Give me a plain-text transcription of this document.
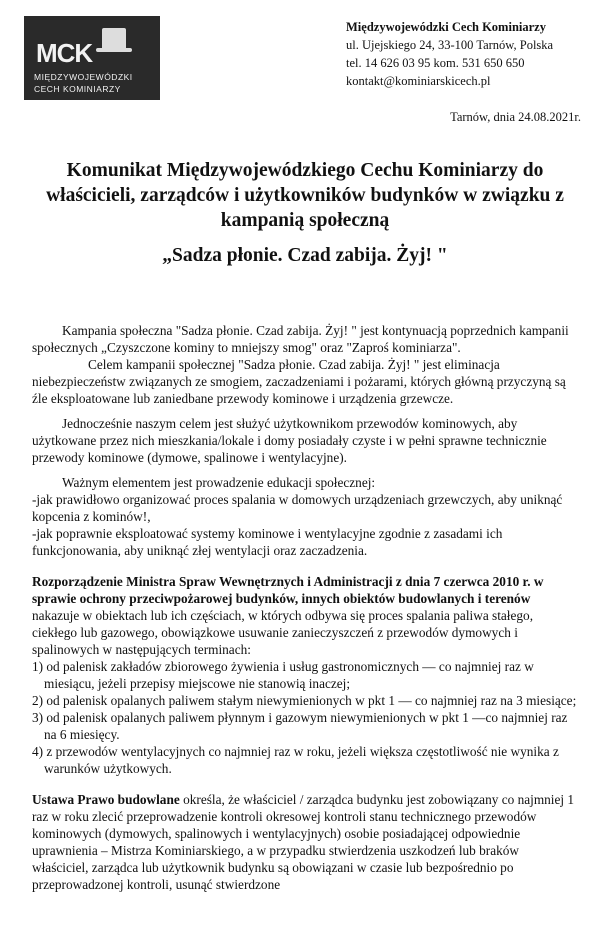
MCK
MIĘDZYWOJEWÓDZKI
CECH KOMINIARZY
Międzywojewódzki Cech Kominiarzy
ul. Ujejskiego 24, 33-100 Tarnów, Polska
tel. 14 626 03 95 kom. 531 650 650
kontakt@kominiarskicech.pl
Tarnów, dnia 24.08.2021r.
Komunikat Międzywojewódzkiego Cechu Kominiarzy do właścicieli, zarządców i użytkowników budynków w związku z kampanią społeczną
„Sadza płonie. Czad zabija. Żyj! "

Kampania społeczna "Sadza płonie. Czad zabija. Żyj! " jest kontynuacją poprzednich kampanii społecznych „Czyszczone kominy to mniejszy smog" oraz "Zaproś kominiarza".

Celem kampanii społecznej "Sadza płonie. Czad zabija. Żyj! " jest eliminacja niebezpieczeństw związanych ze smogiem, zaczadzeniami i pożarami, których główną przyczyną są źle eksploatowane lub zaniedbane przewody kominowe i urządzenia grzewcze.

Jednocześnie naszym celem jest służyć użytkownikom przewodów kominowych, aby użytkowane przez nich mieszkania/lokale i domy posiadały czyste i w pełni sprawne technicznie przewody kominowe (dymowe, spalinowe i wentylacyjne).

Ważnym elementem jest prowadzenie edukacji społecznej:
-jak prawidłowo organizować proces spalania w domowych urządzeniach grzewczych, aby uniknąć kopcenia z kominów!,
-jak poprawnie eksploatować systemy kominowe i wentylacyjne zgodnie z zasadami ich funkcjonowania, aby uniknąć złej wentylacji oraz zaczadzenia.

Rozporządzenie Ministra Spraw Wewnętrznych i Administracji z dnia 7 czerwca 2010 r. w sprawie ochrony przeciwpożarowej budynków, innych obiektów budowlanych i terenów nakazuje w obiektach lub ich częściach, w których odbywa się proces spalania paliwa stałego, ciekłego lub gazowego, obowiązkowe usuwanie zanieczyszczeń z przewodów dymowych i spalinowych w następujących terminach:
1) od palenisk zakładów zbiorowego żywienia i usług gastronomicznych — co najmniej raz w miesiącu, jeżeli przepisy miejscowe nie stanowią inaczej;
2) od palenisk opalanych paliwem stałym niewymienionych w pkt 1 — co najmniej raz na 3 miesiące;
3) od palenisk opalanych paliwem płynnym i gazowym niewymienionych w pkt 1 —co najmniej raz na 6 miesięcy.
4) z przewodów wentylacyjnych co najmniej raz w roku, jeżeli większa częstotliwość nie wynika z warunków użytkowych.

Ustawa Prawo budowlane określa, że właściciel / zarządca budynku jest zobowiązany co najmniej 1 raz w roku zlecić przeprowadzenie kontroli okresowej kontroli stanu technicznego przewodów kominowych (dymowych, spalinowych i wentylacyjnych) osobie posiadającej odpowiednie uprawnienia – Mistrza Kominiarskiego, a w przypadku stwierdzenia uszkodzeń lub braków właściciel, zarządca lub użytkownik budynku są obowiązani w czasie lub bezpośrednio po przeprowadzonej kontroli, usunąć stwierdzone
